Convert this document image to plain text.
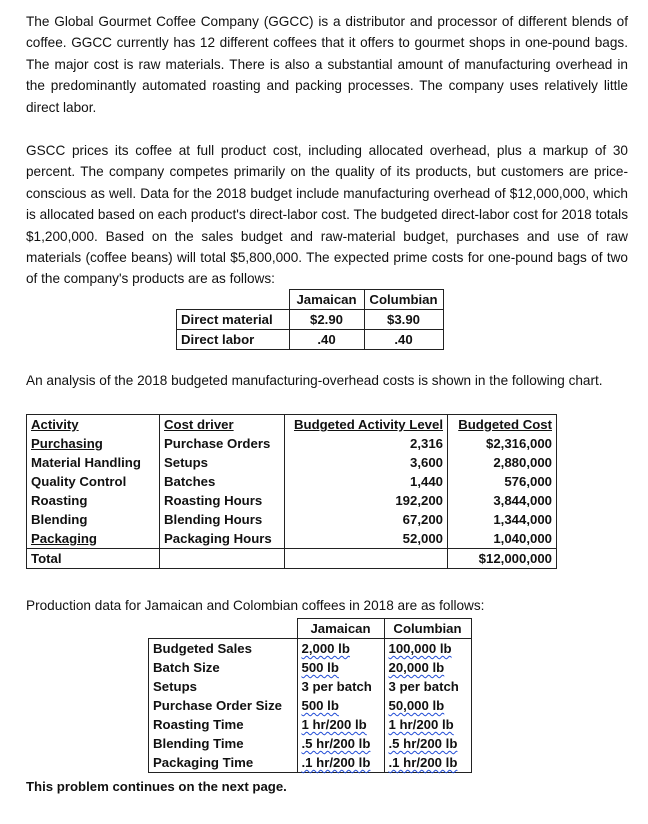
The Global Gourmet Coffee Company (GGCC) is a distributor and processor of different blends of coffee. GGCC currently has 12 different coffees that it offers to gourmet shops in one-pound bags. The major cost is raw materials. There is also a substantial amount of manufacturing overhead in the predominantly automated roasting and packing processes. The company uses relatively little direct labor.

GSCC prices its coffee at full product cost, including allocated overhead, plus a markup of 30 percent. The company competes primarily on the quality of its products, but customers are price-conscious as well. Data for the 2018 budget include manufacturing overhead of $12,000,000, which is allocated based on each product's direct-labor cost. The budgeted direct-labor cost for 2018 totals $1,200,000. Based on the sales budget and raw-material budget, purchases and use of raw materials (coffee beans) will total $5,800,000. The expected prime costs for one-pound bags of two of the company's products are as follows:

	Jamaican	Columbian
Direct material	$2.90	$3.90
Direct labor	.40	.40

An analysis of the 2018 budgeted manufacturing-overhead costs is shown in the following chart.

Activity	Cost driver	Budgeted Activity Level	Budgeted Cost
Purchasing	Purchase Orders	2,316	$2,316,000
Material Handling	Setups	3,600	2,880,000
Quality Control	Batches	1,440	576,000
Roasting	Roasting Hours	192,200	3,844,000
Blending	Blending Hours	67,200	1,344,000
Packaging	Packaging Hours	52,000	1,040,000
Total			$12,000,000

Production data for Jamaican and Colombian coffees in 2018 are as follows:

	Jamaican	Columbian
Budgeted Sales	2,000 lb	100,000 lb
Batch Size	500 lb	20,000 lb
Setups	3 per batch	3 per batch
Purchase Order Size	500 lb	50,000 lb
Roasting Time	1 hr/200 lb	1 hr/200 lb
Blending Time	.5 hr/200 lb	.5 hr/200 lb
Packaging Time	.1 hr/200 lb	.1 hr/200 lb
This problem continues on the next page.
